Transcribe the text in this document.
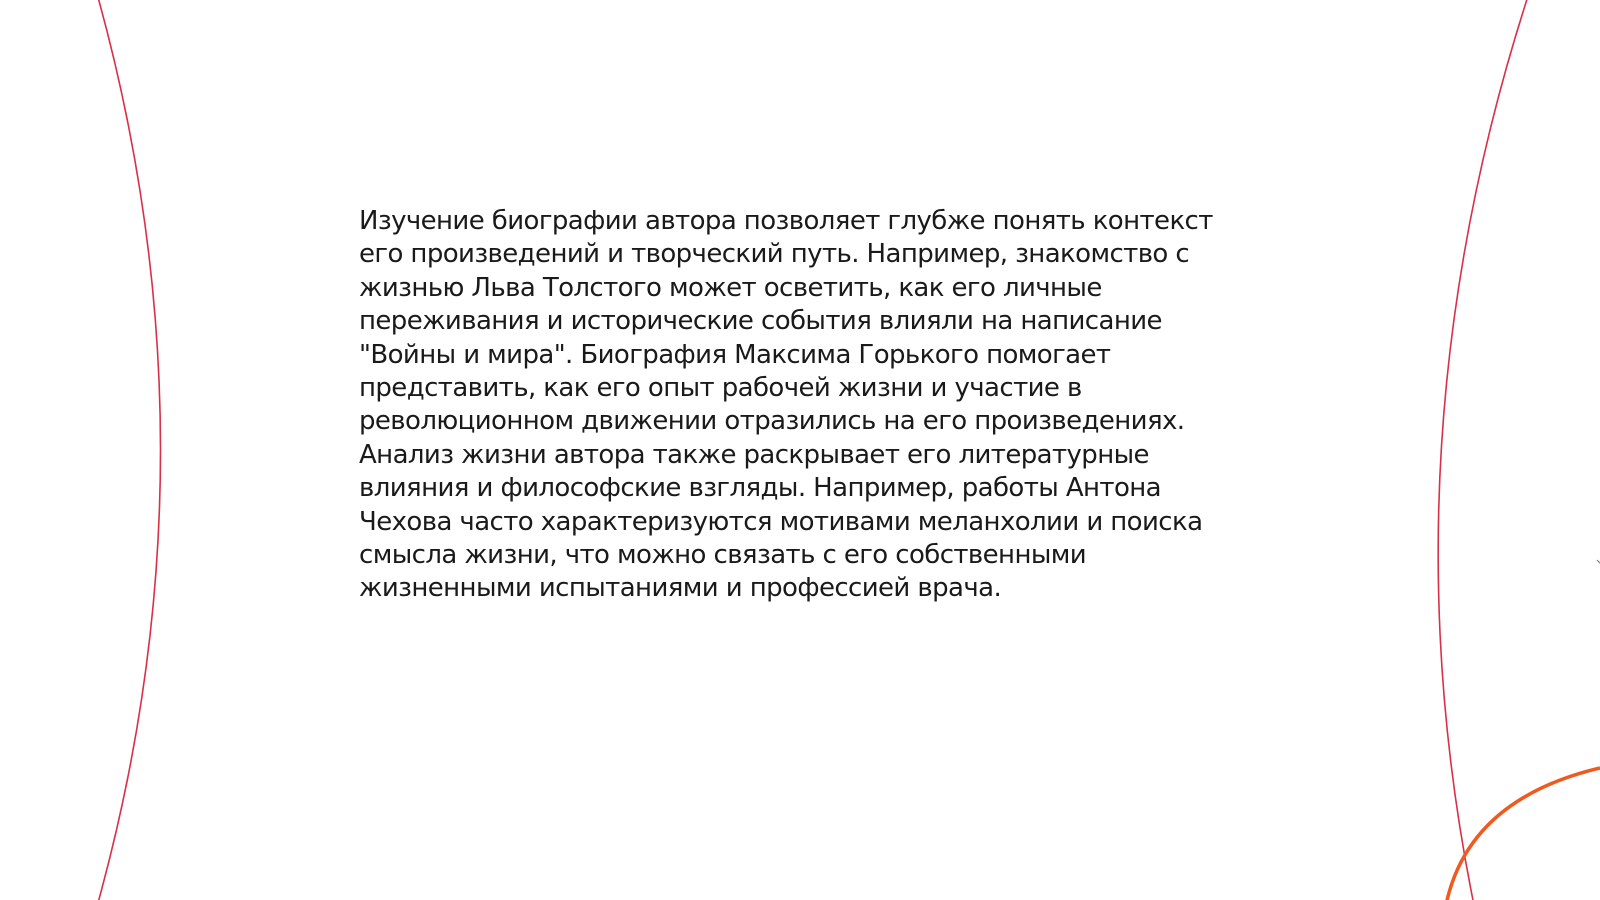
Изучение биографии автора позволяет глубже понять контекст
его произведений и творческий путь. Например, знакомство с
жизнью Льва Толстого может осветить, как его личные
переживания и исторические события влияли на написание
"Войны и мира". Биография Максима Горького помогает
представить, как его опыт рабочей жизни и участие в
революционном движении отразились на его произведениях.
Анализ жизни автора также раскрывает его литературные
влияния и философские взгляды. Например, работы Антона
Чехова часто характеризуются мотивами меланхолии и поиска
смысла жизни, что можно связать с его собственными
жизненными испытаниями и профессией врача.
